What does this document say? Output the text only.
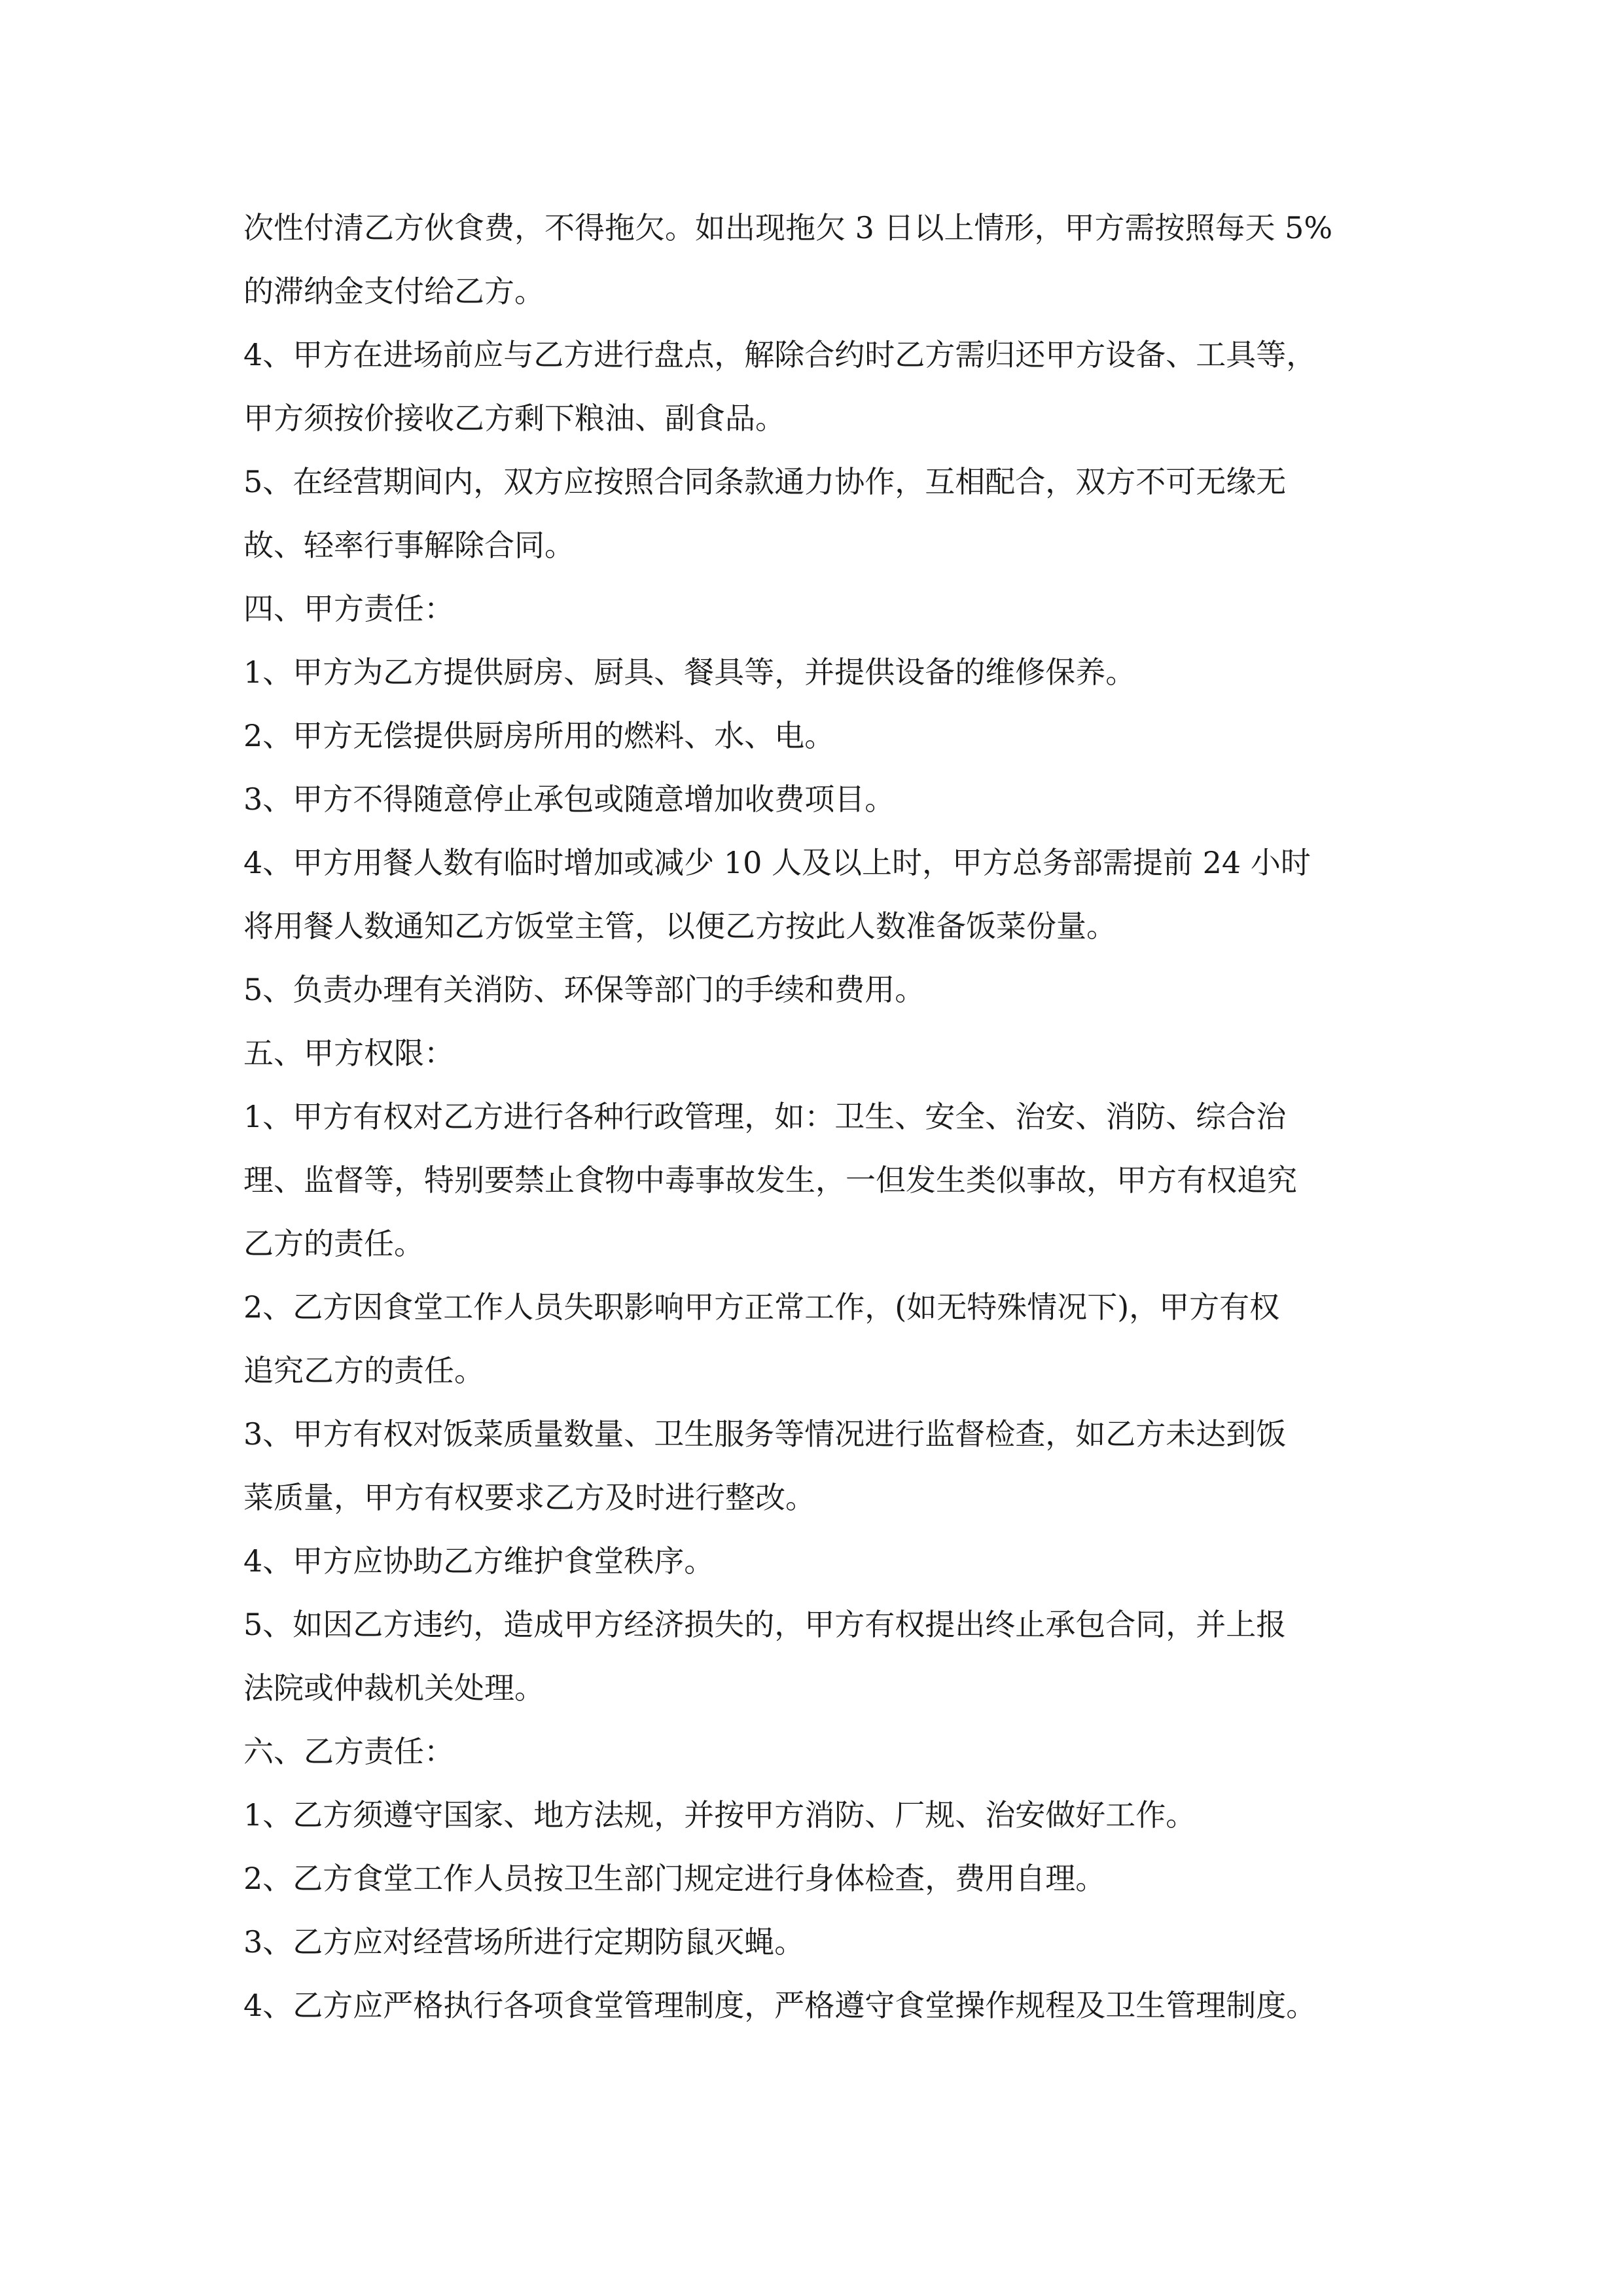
次性付清乙方伙食费，不得拖欠。如出现拖欠 3 日以上情形，甲方需按照每天 5%
的滞纳金支付给乙方。
4、甲方在进场前应与乙方进行盘点，解除合约时乙方需归还甲方设备、工具等，
甲方须按价接收乙方剩下粮油、副食品。
5、在经营期间内，双方应按照合同条款通力协作，互相配合，双方不可无缘无
故、轻率行事解除合同。
四、甲方责任：
1、甲方为乙方提供厨房、厨具、餐具等，并提供设备的维修保养。
2、甲方无偿提供厨房所用的燃料、水、电。
3、甲方不得随意停止承包或随意增加收费项目。
4、甲方用餐人数有临时增加或减少 10 人及以上时，甲方总务部需提前 24 小时
将用餐人数通知乙方饭堂主管，以便乙方按此人数准备饭菜份量。
5、负责办理有关消防、环保等部门的手续和费用。
五、甲方权限：
1、甲方有权对乙方进行各种行政管理，如：卫生、安全、治安、消防、综合治
理、监督等，特别要禁止食物中毒事故发生，一但发生类似事故，甲方有权追究
乙方的责任。
2、乙方因食堂工作人员失职影响甲方正常工作，(如无特殊情况下)，甲方有权
追究乙方的责任。
3、甲方有权对饭菜质量数量、卫生服务等情况进行监督检查，如乙方未达到饭
菜质量，甲方有权要求乙方及时进行整改。
4、甲方应协助乙方维护食堂秩序。
5、如因乙方违约，造成甲方经济损失的，甲方有权提出终止承包合同，并上报
法院或仲裁机关处理。
六、乙方责任：
1、乙方须遵守国家、地方法规，并按甲方消防、厂规、治安做好工作。
2、乙方食堂工作人员按卫生部门规定进行身体检查，费用自理。
3、乙方应对经营场所进行定期防鼠灭蝇。
4、乙方应严格执行各项食堂管理制度，严格遵守食堂操作规程及卫生管理制度。
